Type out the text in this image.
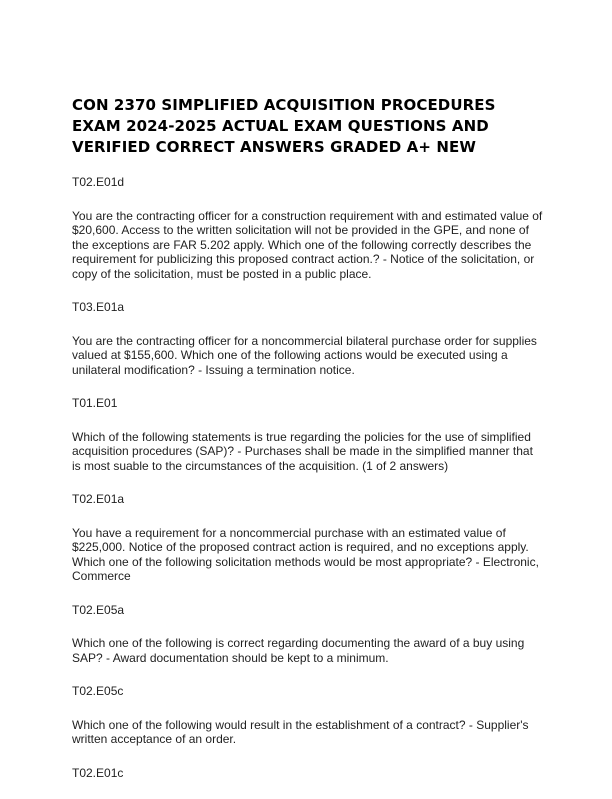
CON 2370 SIMPLIFIED ACQUISITION PROCEDURES EXAM 2024-2025 ACTUAL EXAM QUESTIONS AND VERIFIED CORRECT ANSWERS GRADED A+ NEW

T02.E01d

You are the contracting officer for a construction requirement with and estimated value of $20,600. Access to the written solicitation will not be provided in the GPE, and none of the exceptions are FAR 5.202 apply. Which one of the following correctly describes the requirement for publicizing this proposed contract action.? - Notice of the solicitation, or copy of the solicitation, must be posted in a public place.

T03.E01a

You are the contracting officer for a noncommercial bilateral purchase order for supplies valued at $155,600. Which one of the following actions would be executed using a unilateral modification? - Issuing a termination notice.

T01.E01

Which of the following statements is true regarding the policies for the use of simplified acquisition procedures (SAP)? - Purchases shall be made in the simplified manner that is most suable to the circumstances of the acquisition. (1 of 2 answers)

T02.E01a

You have a requirement for a noncommercial purchase with an estimated value of $225,000. Notice of the proposed contract action is required, and no exceptions apply. Which one of the following solicitation methods would be most appropriate? - Electronic, Commerce

T02.E05a

Which one of the following is correct regarding documenting the award of a buy using SAP? - Award documentation should be kept to a minimum.

T02.E05c

Which one of the following would result in the establishment of a contract? - Supplier's written acceptance of an order.

T02.E01c
